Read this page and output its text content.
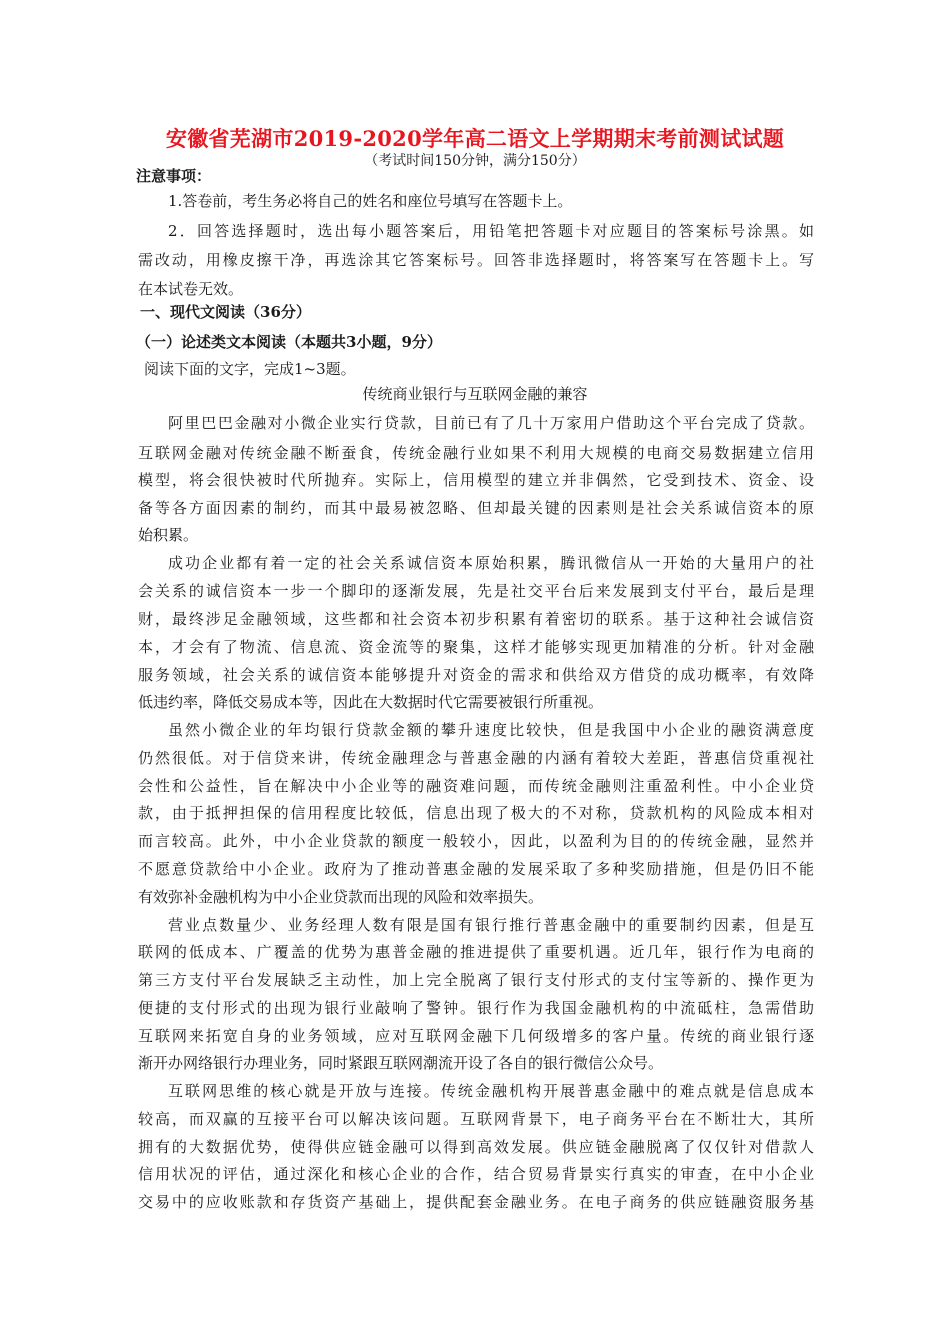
安徽省芜湖市2019-2020学年高二语文上学期期末考前测试试题
（考试时间150分钟，满分150分）
注意事项：
1.答卷前，考生务必将自己的姓名和座位号填写在答题卡上。
2．回答选择题时，选出每小题答案后，用铅笔把答题卡对应题目的答案标号涂黑。如
需改动，用橡皮擦干净，再选涂其它答案标号。回答非选择题时，将答案写在答题卡上。写
在本试卷无效。
一、现代文阅读（36分）
（一）论述类文本阅读（本题共3小题，9分）
阅读下面的文字，完成1~3题。
传统商业银行与互联网金融的兼容
阿里巴巴金融对小微企业实行贷款，目前已有了几十万家用户借助这个平台完成了贷款。
互联网金融对传统金融不断蚕食，传统金融行业如果不利用大规模的电商交易数据建立信用
模型，将会很快被时代所抛弃。实际上，信用模型的建立并非偶然，它受到技术、资金、设
备等各方面因素的制约，而其中最易被忽略、但却最关键的因素则是社会关系诚信资本的原
始积累。
成功企业都有着一定的社会关系诚信资本原始积累，腾讯微信从一开始的大量用户的社
会关系的诚信资本一步一个脚印的逐渐发展，先是社交平台后来发展到支付平台，最后是理
财，最终涉足金融领域，这些都和社会资本初步积累有着密切的联系。基于这种社会诚信资
本，才会有了物流、信息流、资金流等的聚集，这样才能够实现更加精准的分析。针对金融
服务领域，社会关系的诚信资本能够提升对资金的需求和供给双方借贷的成功概率，有效降
低违约率，降低交易成本等，因此在大数据时代它需要被银行所重视。
虽然小微企业的年均银行贷款金额的攀升速度比较快，但是我国中小企业的融资满意度
仍然很低。对于信贷来讲，传统金融理念与普惠金融的内涵有着较大差距，普惠信贷重视社
会性和公益性，旨在解决中小企业等的融资难问题，而传统金融则注重盈利性。中小企业贷
款，由于抵押担保的信用程度比较低，信息出现了极大的不对称，贷款机构的风险成本相对
而言较高。此外，中小企业贷款的额度一般较小，因此，以盈利为目的的传统金融，显然并
不愿意贷款给中小企业。政府为了推动普惠金融的发展采取了多种奖励措施，但是仍旧不能
有效弥补金融机构为中小企业贷款而出现的风险和效率损失。
营业点数量少、业务经理人数有限是国有银行推行普惠金融中的重要制约因素，但是互
联网的低成本、广覆盖的优势为惠普金融的推进提供了重要机遇。近几年，银行作为电商的
第三方支付平台发展缺乏主动性，加上完全脱离了银行支付形式的支付宝等新的、操作更为
便捷的支付形式的出现为银行业敲响了警钟。银行作为我国金融机构的中流砥柱，急需借助
互联网来拓宽自身的业务领域，应对互联网金融下几何级增多的客户量。传统的商业银行逐
渐开办网络银行办理业务，同时紧跟互联网潮流开设了各自的银行微信公众号。
互联网思维的核心就是开放与连接。传统金融机构开展普惠金融中的难点就是信息成本
较高，而双赢的互接平台可以解决该问题。互联网背景下，电子商务平台在不断壮大，其所
拥有的大数据优势，使得供应链金融可以得到高效发展。供应链金融脱离了仅仅针对借款人
信用状况的评估，通过深化和核心企业的合作，结合贸易背景实行真实的审查，在中小企业
交易中的应收账款和存货资产基础上，提供配套金融业务。在电子商务的供应链融资服务基
